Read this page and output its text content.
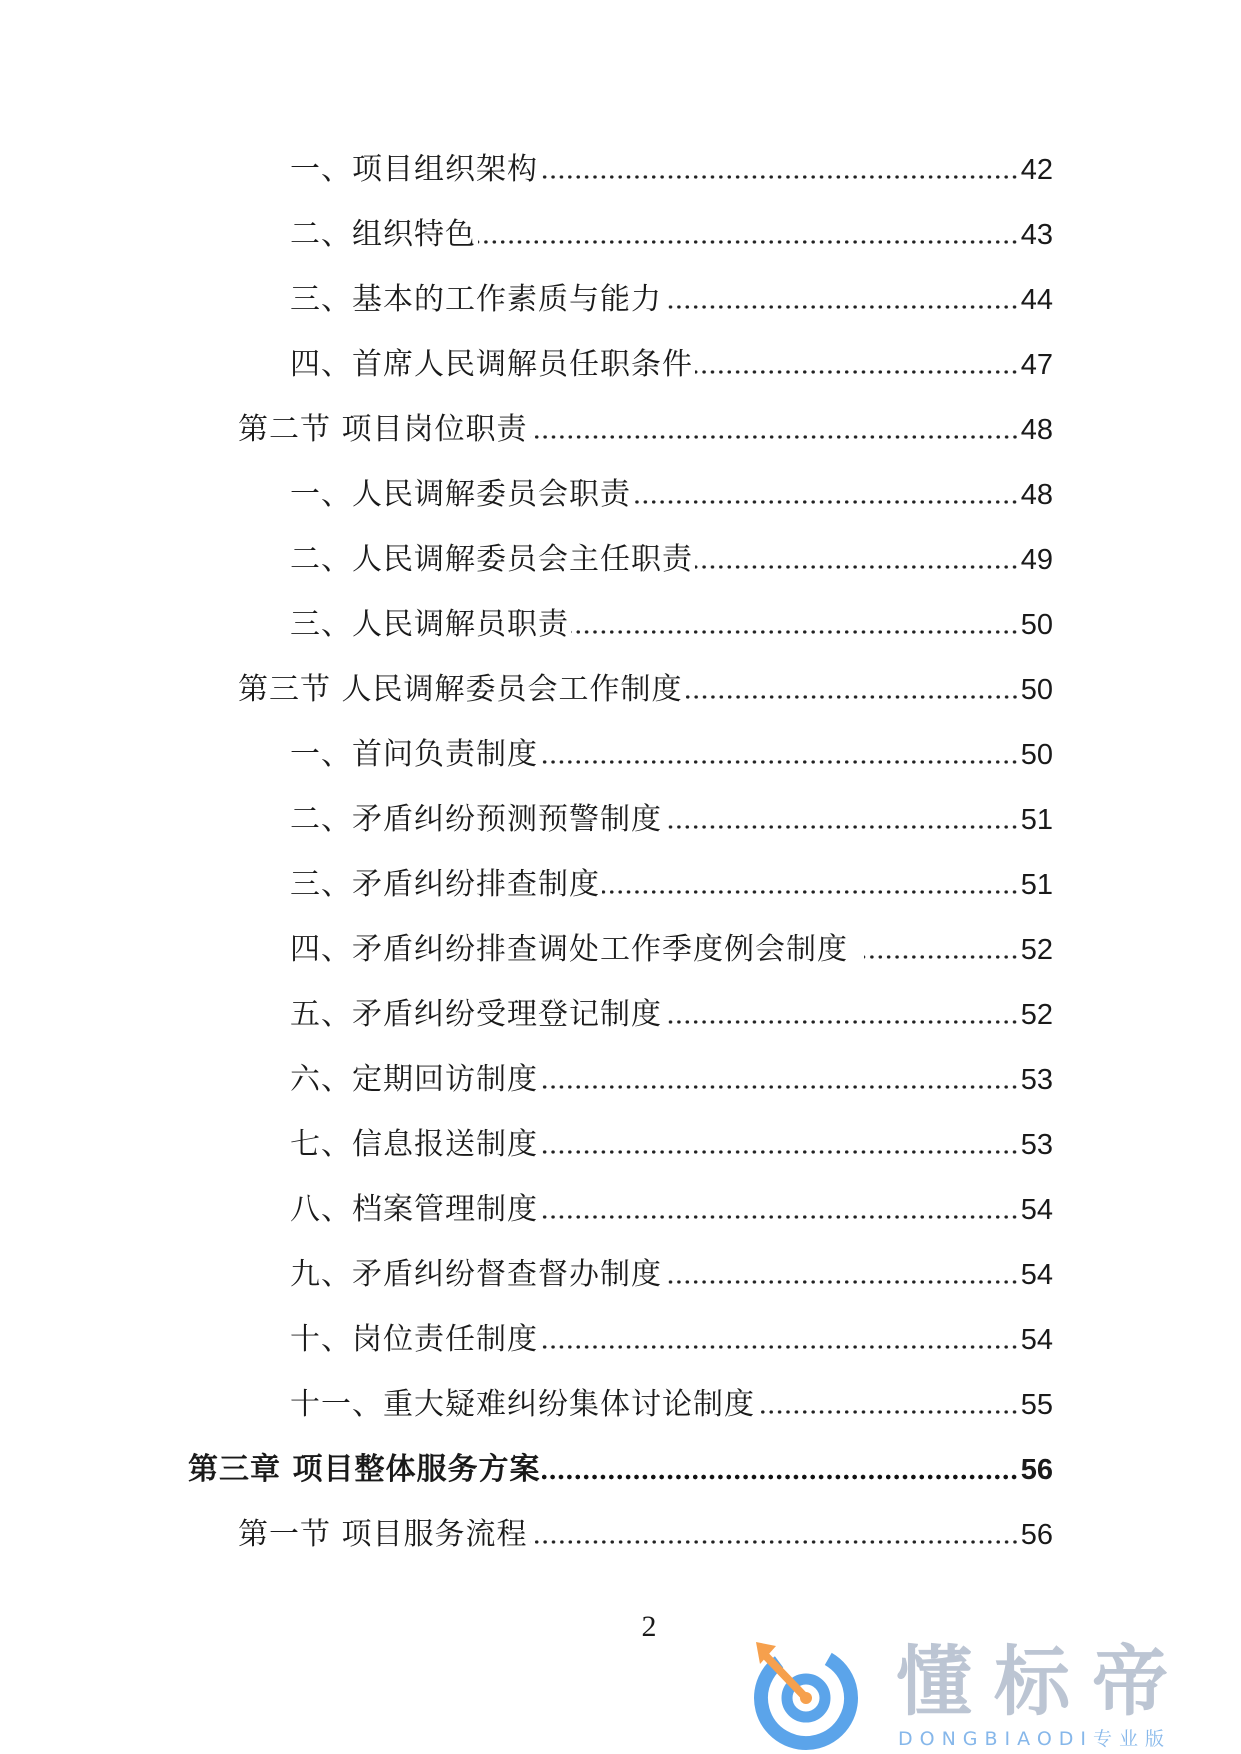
一、项目组织架构	42
二、组织特色	43
三、基本的工作素质与能力	44
四、首席人民调解员任职条件	47
第二节 项目岗位职责	48
一、人民调解委员会职责	48
二、人民调解委员会主任职责	49
三、人民调解员职责	50
第三节 人民调解委员会工作制度	50
一、首问负责制度	50
二、矛盾纠纷预测预警制度	51
三、矛盾纠纷排查制度	51
四、矛盾纠纷排查调处工作季度例会制度	52
五、矛盾纠纷受理登记制度	52
六、定期回访制度	53
七、信息报送制度	53
八、档案管理制度	54
九、矛盾纠纷督查督办制度	54
十、岗位责任制度	54
十一、重大疑难纠纷集体讨论制度	55
第三章 项目整体服务方案	56
第一节 项目服务流程	56
2
懂标帝
DONGBIAODI专业版
